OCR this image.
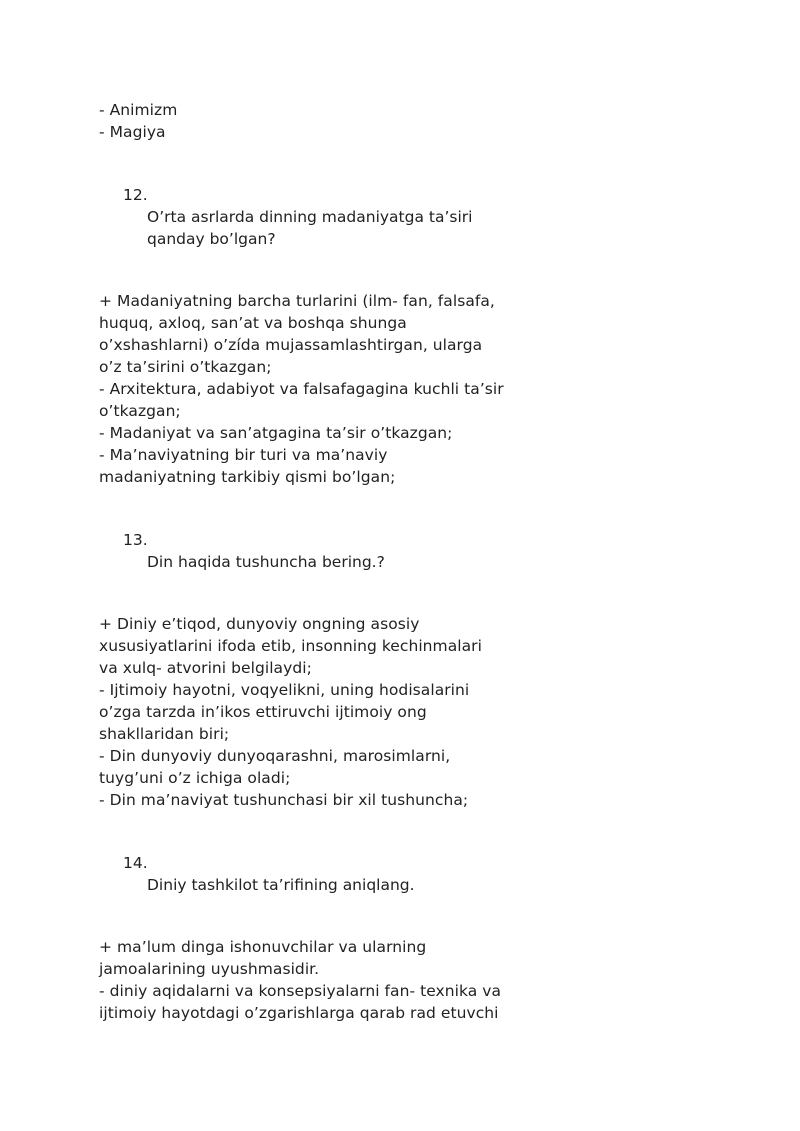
- Animizm
- Magiya
12.
O’rta asrlarda dinning madaniyatga ta’siri
qanday bo’lgan?
+ Madaniyatning barcha turlarini (ilm- fan, falsafa,
huquq, axloq, san’at va boshqa shunga
o’xshashlarni) o’zída mujassamlashtirgan, ularga
o’z ta’sirini o’tkazgan;
- Arxitektura, adabiyot va falsafagagina kuchli ta’sir
o’tkazgan;
- Madaniyat va san’atgagina ta’sir o’tkazgan;
- Ma’naviyatning bir turi va ma’naviy
madaniyatning tarkibiy qismi bo’lgan;
13.
Din haqida tushuncha bering.?
+ Diniy e’tiqod, dunyoviy ongning asosiy
xususiyatlarini ifoda etib, insonning kechinmalari
va xulq- atvorini belgilaydi;
- Ijtimoiy hayotni, voqyelikni, uning hodisalarini
o’zga tarzda in’ikos ettiruvchi ijtimoiy ong
shakllaridan biri;
- Din dunyoviy dunyoqarashni, marosimlarni,
tuyg’uni o’z ichiga oladi;
- Din ma’naviyat tushunchasi bir xil tushuncha;
14.
Diniy tashkilot ta’rifining aniqlang.
+ ma’lum dinga ishonuvchilar va ularning
jamoalarining uyushmasidir.
- diniy aqidalarni va konsepsiyalarni fan- texnika va
ijtimoiy hayotdagi o’zgarishlarga qarab rad etuvchi
